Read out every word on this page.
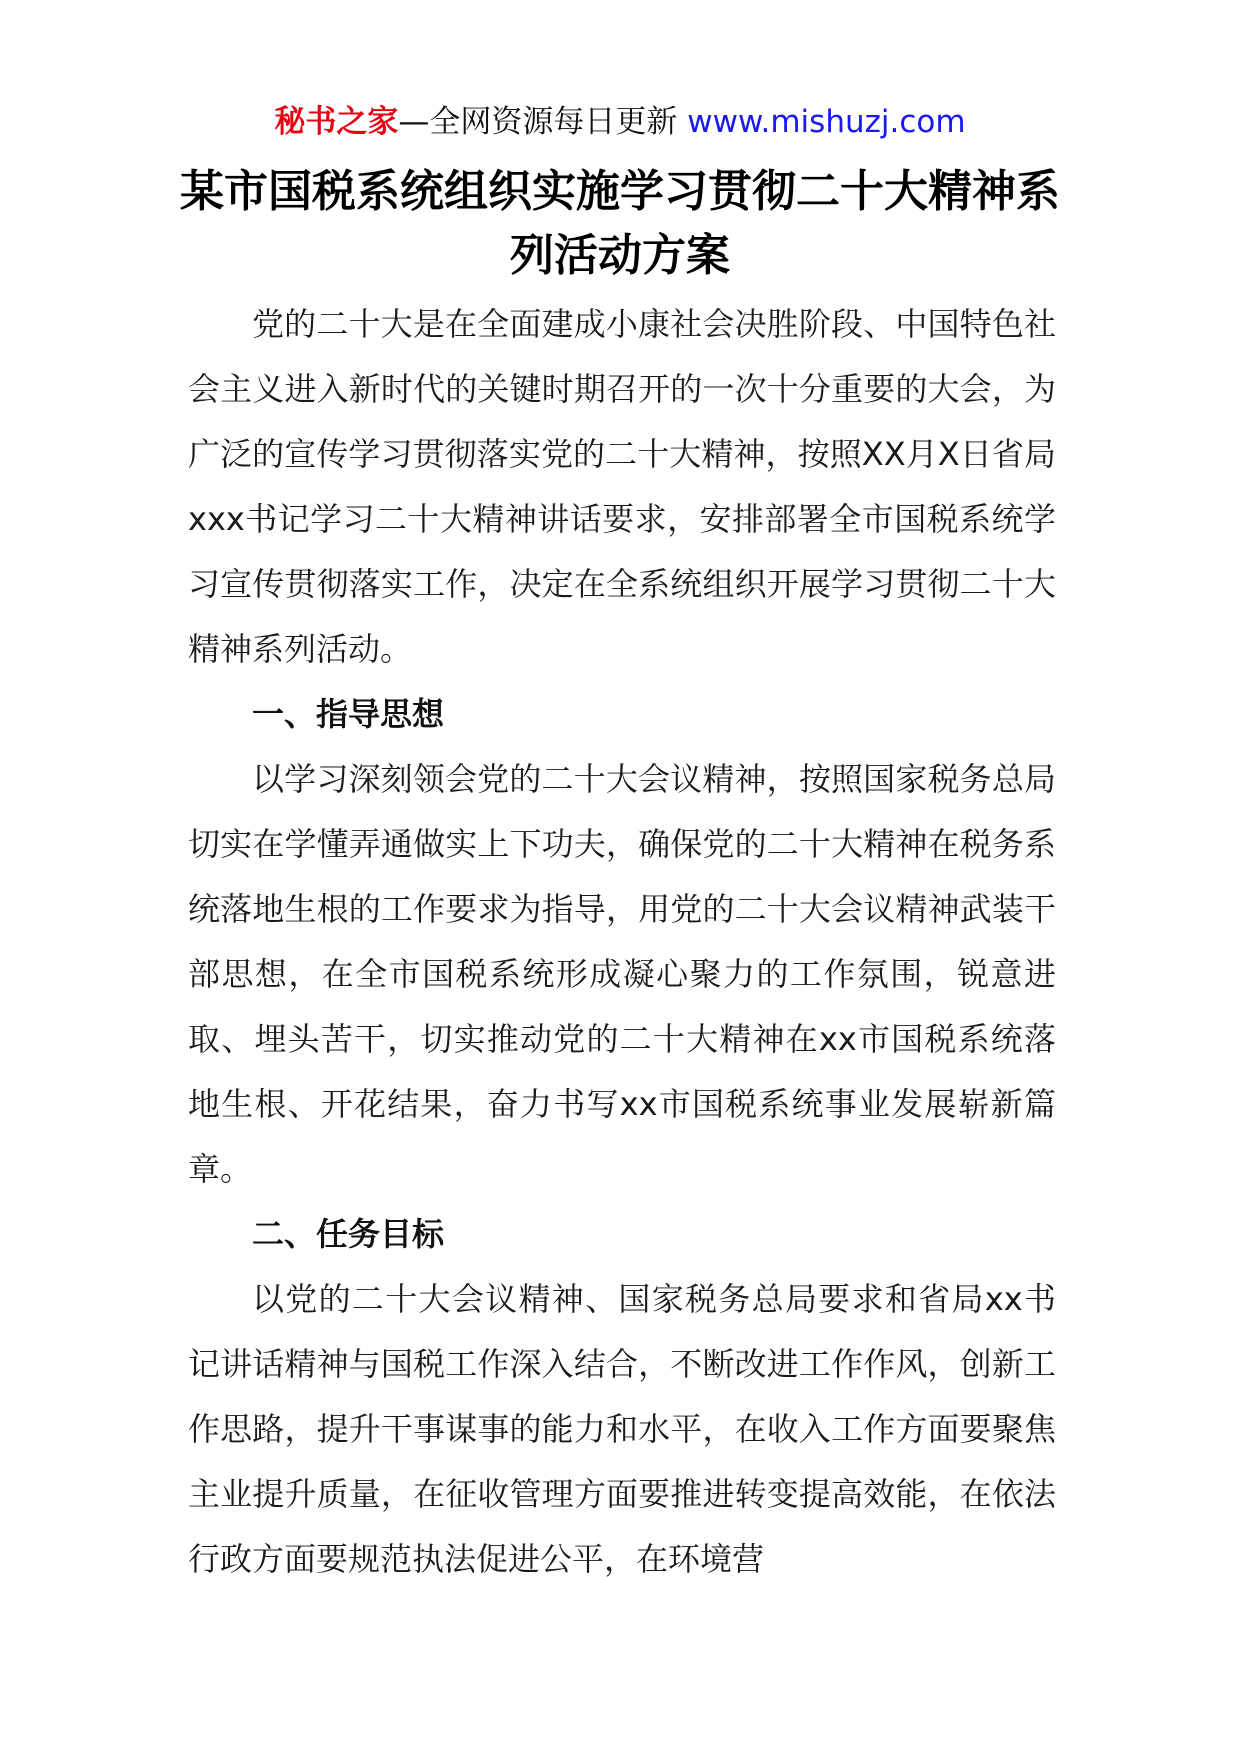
秘书之家—全网资源每日更新 www.mishuzj.com
某市国税系统组织实施学习贯彻二十大精神系列活动方案

党的二十大是在全面建成小康社会决胜阶段、中国特色社会主义进入新时代的关键时期召开的一次十分重要的大会，为广泛的宣传学习贯彻落实党的二十大精神，按照XX月X日省局xxx书记学习二十大精神讲话要求，安排部署全市国税系统学习宣传贯彻落实工作，决定在全系统组织开展学习贯彻二十大精神系列活动。

一、指导思想

以学习深刻领会党的二十大会议精神，按照国家税务总局切实在学懂弄通做实上下功夫，确保党的二十大精神在税务系统落地生根的工作要求为指导，用党的二十大会议精神武装干部思想，在全市国税系统形成凝心聚力的工作氛围，锐意进取、埋头苦干，切实推动党的二十大精神在xx市国税系统落地生根、开花结果，奋力书写xx市国税系统事业发展崭新篇章。

二、任务目标

以党的二十大会议精神、国家税务总局要求和省局xx书记讲话精神与国税工作深入结合，不断改进工作作风，创新工作思路，提升干事谋事的能力和水平，在收入工作方面要聚焦主业提升质量，在征收管理方面要推进转变提高效能，在依法行政方面要规范执法促进公平，在环境营
